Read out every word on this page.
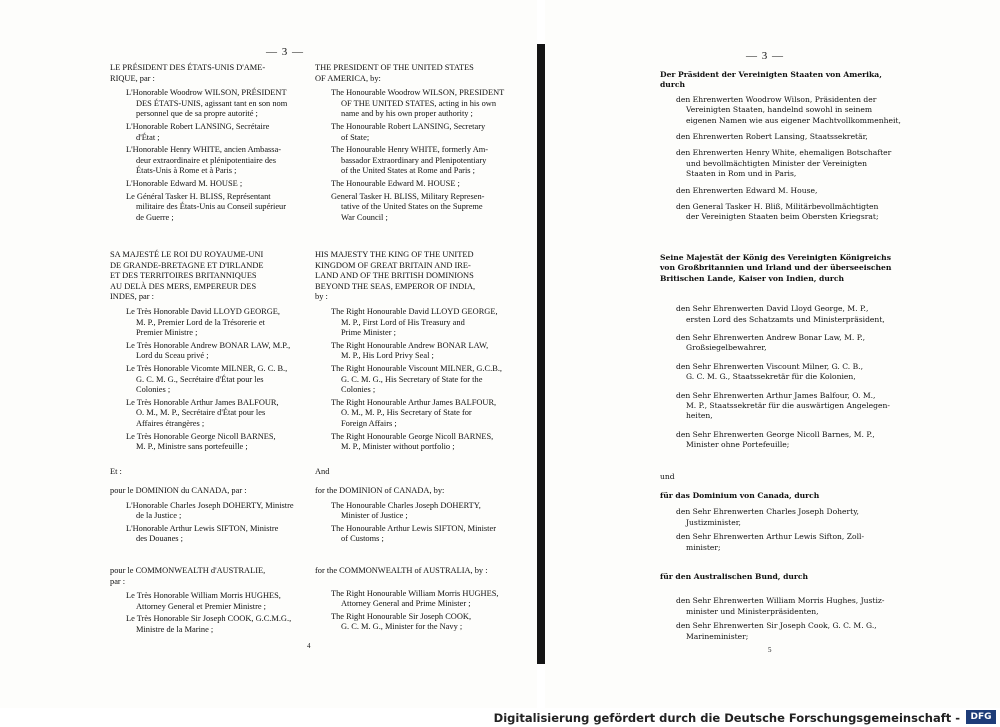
— 3 —	— 3 —
LE PRÉSIDENT DES ÉTATS-UNIS D'AME-
RIQUE, par :
L'Honorable Woodrow WILSON, PRÉSIDENT
DES ÉTATS-UNIS, agissant tant en son nom
personnel que de sa propre autorité ;
L'Honorable Robert LANSING, Secrétaire
d'État ;
L'Honorable Henry WHITE, ancien Ambassa-
deur extraordinaire et plénipotentiaire des
États-Unis à Rome et à Paris ;
L'Honorable Edward M. HOUSE ;
Le Général Tasker H. BLISS, Représentant
militaire des États-Unis au Conseil supérieur
de Guerre ;
SA MAJESTÉ LE ROI DU ROYAUME-UNI
DE GRANDE-BRETAGNE ET D'IRLANDE
ET DES TERRITOIRES BRITANNIQUES
AU DELÀ DES MERS, EMPEREUR DES
INDES, par :
Le Très Honorable David LLOYD GEORGE,
M. P., Premier Lord de la Trésorerie et
Premier Ministre ;
Le Très Honorable Andrew BONAR LAW, M.P.,
Lord du Sceau privé ;
Le Très Honorable Vicomte MILNER, G. C. B.,
G. C. M. G., Secrétaire d'État pour les
Colonies ;
Le Très Honorable Arthur James BALFOUR,
O. M., M. P., Secrétaire d'État pour les
Affaires étrangères ;
Le Très Honorable George Nicoll BARNES,
M. P., Ministre sans portefeuille ;
Et :
pour le DOMINION du CANADA, par :
L'Honorable Charles Joseph DOHERTY, Ministre
de la Justice ;
L'Honorable Arthur Lewis SIFTON, Ministre
des Douanes ;
pour le COMMONWEALTH d'AUSTRALIE,
par :
Le Très Honorable William Morris HUGHES,
Attorney General et Premier Ministre ;
Le Très Honorable Sir Joseph COOK, G.C.M.G.,
Ministre de la Marine ;
THE PRESIDENT OF THE UNITED STATES
OF AMERICA, by:
The Honourable Woodrow WILSON, PRESIDENT
OF THE UNITED STATES, acting in his own
name and by his own proper authority ;
The Honourable Robert LANSING, Secretary
of State;
The Honourable Henry WHITE, formerly Am-
bassador Extraordinary and Plenipotentiary
of the United States at Rome and Paris ;
The Honourable Edward M. HOUSE ;
General Tasker H. BLISS, Military Represen-
tative of the United States on the Supreme
War Council ;
HIS MAJESTY THE KING OF THE UNITED
KINGDOM OF GREAT BRITAIN AND IRE-
LAND AND OF THE BRITISH DOMINIONS
BEYOND THE SEAS, EMPEROR OF INDIA,
by :
The Right Honourable David LLOYD GEORGE,
M. P., First Lord of His Treasury and
Prime Minister ;
The Right Honourable Andrew BONAR LAW,
M. P., His Lord Privy Seal ;
The Right Honourable Viscount MILNER, G.C.B.,
G. C. M. G., His Secretary of State for the
Colonies ;
The Right Honourable Arthur James BALFOUR,
O. M., M. P., His Secretary of State for
Foreign Affairs ;
The Right Honourable George Nicoll BARNES,
M. P., Minister without portfolio ;
And
for the DOMINION of CANADA, by:
The Honourable Charles Joseph DOHERTY,
Minister of Justice ;
The Honourable Arthur Lewis SIFTON, Minister
of Customs ;
for the COMMONWEALTH of AUSTRALIA, by :
The Right Honourable William Morris HUGHES,
Attorney General and Prime Minister ;
The Right Honourable Sir Joseph COOK,
G. C. M. G., Minister for the Navy ;
4
Der Präsident der Vereinigten Staaten von Amerika,
durch
den Ehrenwerten Woodrow Wilson, Präsidenten der
Vereinigten Staaten, handelnd sowohl in seinem
eigenen Namen wie aus eigener Machtvollkommenheit,
den Ehrenwerten Robert Lansing, Staatssekretär,
den Ehrenwerten Henry White, ehemaligen Botschafter
und bevollmächtigten Minister der Vereinigten
Staaten in Rom und in Paris,
den Ehrenwerten Edward M. House,
den General Tasker H. Bliß, Militärbevollmächtigten
der Vereinigten Staaten beim Obersten Kriegsrat;
Seine Majestät der König des Vereinigten Königreichs
von Großbritannien und Irland und der überseeischen
Britischen Lande, Kaiser von Indien, durch
den Sehr Ehrenwerten David Lloyd George, M. P.,
ersten Lord des Schatzamts und Ministerpräsident,
den Sehr Ehrenwerten Andrew Bonar Law, M. P.,
Großsiegelbewahrer,
den Sehr Ehrenwerten Viscount Milner, G. C. B.,
G. C. M. G., Staatssekretär für die Kolonien,
den Sehr Ehrenwerten Arthur James Balfour, O. M.,
M. P., Staatssekretär für die auswärtigen Angelegen-
heiten,
den Sehr Ehrenwerten George Nicoll Barnes, M. P.,
Minister ohne Portefeuille;
und
für das Dominium von Canada, durch
den Sehr Ehrenwerten Charles Joseph Doherty,
Justizminister,
den Sehr Ehrenwerten Arthur Lewis Sifton, Zoll-
minister;
für den Australischen Bund, durch
den Sehr Ehrenwerten William Morris Hughes, Justiz-
minister und Ministerpräsidenten,
den Sehr Ehrenwerten Sir Joseph Cook, G. C. M. G.,
Marineminister;
5
Digitalisierung gefördert durch die Deutsche Forschungsgemeinschaft -	DFG
